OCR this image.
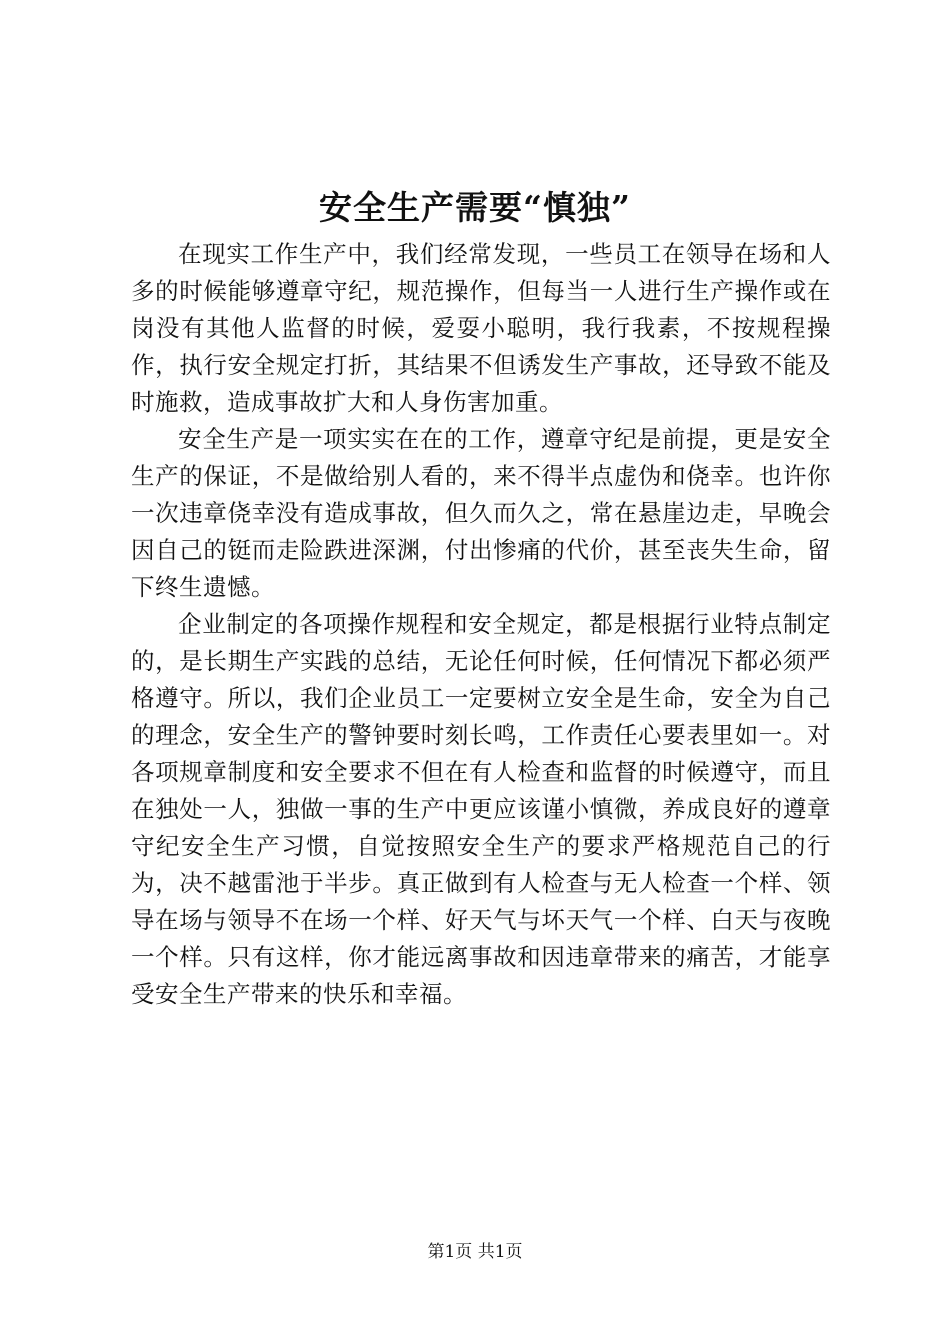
安全生产需要“慎独”

在现实工作生产中，我们经常发现，一些员工在领导在场和人多的时候能够遵章守纪，规范操作，但每当一人进行生产操作或在岗没有其他人监督的时候，爱耍小聪明，我行我素，不按规程操作，执行安全规定打折，其结果不但诱发生产事故，还导致不能及时施救，造成事故扩大和人身伤害加重。

安全生产是一项实实在在的工作，遵章守纪是前提，更是安全生产的保证，不是做给别人看的，来不得半点虚伪和侥幸。也许你一次违章侥幸没有造成事故，但久而久之，常在悬崖边走，早晚会因自己的铤而走险跌进深渊，付出惨痛的代价，甚至丧失生命，留下终生遗憾。

企业制定的各项操作规程和安全规定，都是根据行业特点制定的，是长期生产实践的总结，无论任何时候，任何情况下都必须严格遵守。所以，我们企业员工一定要树立安全是生命，安全为自己的理念，安全生产的警钟要时刻长鸣，工作责任心要表里如一。对各项规章制度和安全要求不但在有人检查和监督的时候遵守，而且在独处一人，独做一事的生产中更应该谨小慎微，养成良好的遵章守纪安全生产习惯，自觉按照安全生产的要求严格规范自己的行为，决不越雷池于半步。真正做到有人检查与无人检查一个样、领导在场与领导不在场一个样、好天气与坏天气一个样、白天与夜晚一个样。只有这样，你才能远离事故和因违章带来的痛苦，才能享受安全生产带来的快乐和幸福。

第1页 共1页
